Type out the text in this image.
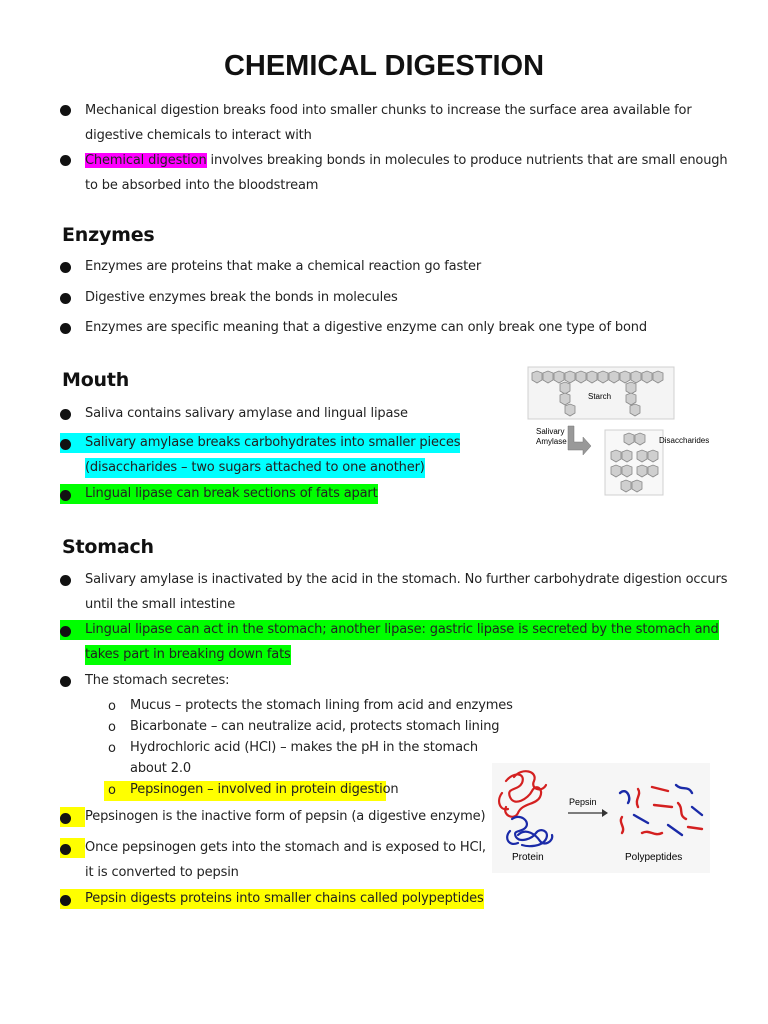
CHEMICAL DIGESTION
Mechanical digestion breaks food into smaller chunks to increase the surface area available for
digestive chemicals to interact with
Chemical digestion involves breaking bonds in molecules to produce nutrients that are small enough
to be absorbed into the bloodstream
Enzymes
Enzymes are proteins that make a chemical reaction go faster
Digestive enzymes break the bonds in molecules
Enzymes are specific meaning that a digestive enzyme can only break one type of bond
Mouth
Saliva contains salivary amylase and lingual lipase
Salivary amylase breaks carbohydrates into smaller pieces
(disaccharides – two sugars attached to one another)
Lingual lipase can break sections of fats apart
Starch
Salivary
Amylase	Disaccharides
Stomach
Salivary amylase is inactivated by the acid in the stomach. No further carbohydrate digestion occurs
until the small intestine
Lingual lipase can act in the stomach; another lipase: gastric lipase is secreted by the stomach and
takes part in breaking down fats
The stomach secretes:
o Mucus – protects the stomach lining from acid and enzymes
o Bicarbonate – can neutralize acid, protects stomach lining
o Hydrochloric acid (HCl) – makes the pH in the stomach
about 2.0
o Pepsinogen – involved in protein digestion
Pepsinogen is the inactive form of pepsin (a digestive enzyme)
Once pepsinogen gets into the stomach and is exposed to HCl,
it is converted to pepsin
Pepsin digests proteins into smaller chains called polypeptides
Protein
Pepsin
Polypeptides
